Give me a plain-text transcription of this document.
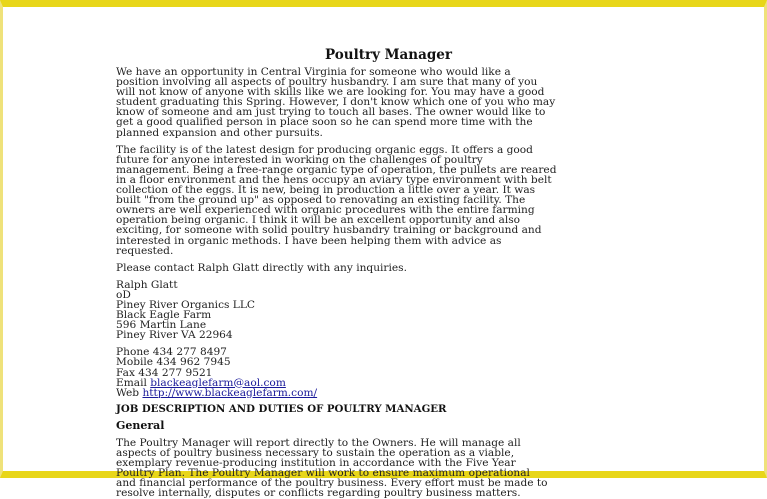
Poultry Manager
We have an opportunity in Central Virginia for someone who would like a
position involving all aspects of poultry husbandry. I am sure that many of you
will not know of anyone with skills like we are looking for. You may have a good
student graduating this Spring. However, I don't know which one of you who may
know of someone and am just trying to touch all bases. The owner would like to
get a good qualified person in place soon so he can spend more time with the
planned expansion and other pursuits.
The facility is of the latest design for producing organic eggs. It offers a good
future for anyone interested in working on the challenges of poultry
management. Being a free-range organic type of operation, the pullets are reared
in a floor environment and the hens occupy an aviary type environment with belt
collection of the eggs. It is new, being in production a little over a year. It was
built "from the ground up" as opposed to renovating an existing facility. The
owners are well experienced with organic procedures with the entire farming
operation being organic. I think it will be an excellent opportunity and also
exciting, for someone with solid poultry husbandry training or background and
interested in organic methods. I have been helping them with advice as
requested.

Please contact Ralph Glatt directly with any inquiries.

Ralph Glatt
oD
Piney River Organics LLC
Black Eagle Farm
596 Martin Lane
Piney River VA 22964
Phone 434 277 8497
Mobile 434 962 7945
Fax 434 277 9521
Email blackeaglefarm@aol.com
Web http://www.blackeaglefarm.com/
JOB DESCRIPTION AND DUTIES OF POULTRY MANAGER
General
The Poultry Manager will report directly to the Owners. He will manage all
aspects of poultry business necessary to sustain the operation as a viable,
exemplary revenue-producing institution in accordance with the Five Year
Poultry Plan. The Poultry Manager will work to ensure maximum operational
and financial performance of the poultry business. Every effort must be made to
resolve internally, disputes or conflicts regarding poultry business matters.
